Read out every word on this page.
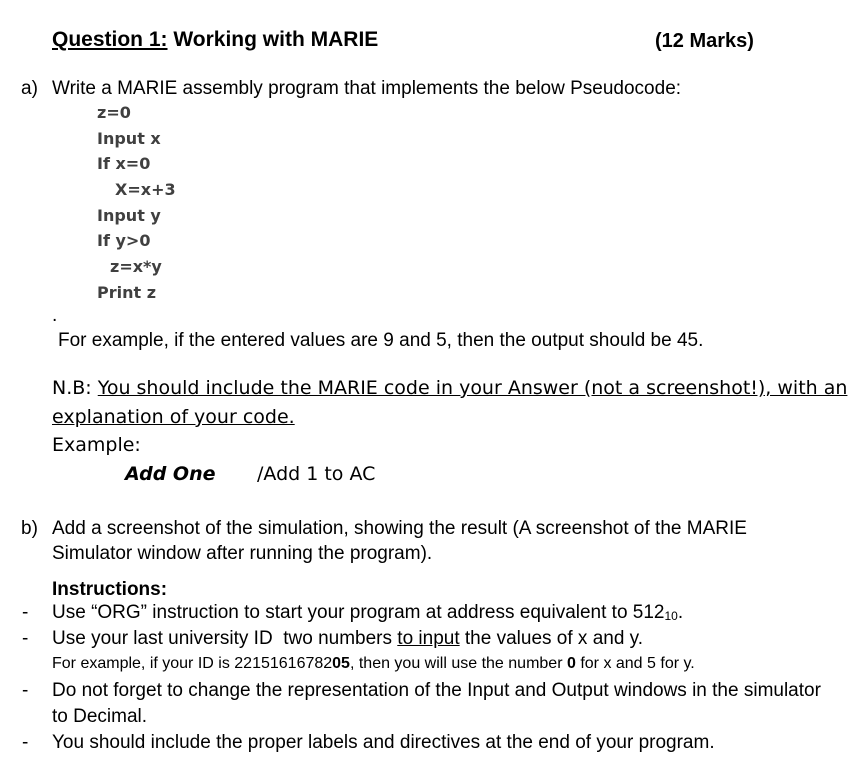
Question 1: Working with MARIE	(12 Marks)
a) Write a MARIE assembly program that implements the below Pseudocode:
z=0
Input x
If x=0
X=x+3
Input y
If y>0
z=x*y
Print z
.
For example, if the entered values are 9 and 5, then the output should be 45.
N.B: You should include the MARIE code in your Answer (not a screenshot!), with an
explanation of your code.
Example:
Add One /Add 1 to AC
b) Add a screenshot of the simulation, showing the result (A screenshot of the MARIE
Simulator window after running the program).
Instructions:
- Use “ORG” instruction to start your program at address equivalent to $512_{10}$.
- Use your last university ID  two numbers to input the values of x and y.
For example, if your ID is 2215161678205, then you will use the number 0 for x and 5 for y.
- Do not forget to change the representation of the Input and Output windows in the simulator
to Decimal.
- You should include the proper labels and directives at the end of your program.
